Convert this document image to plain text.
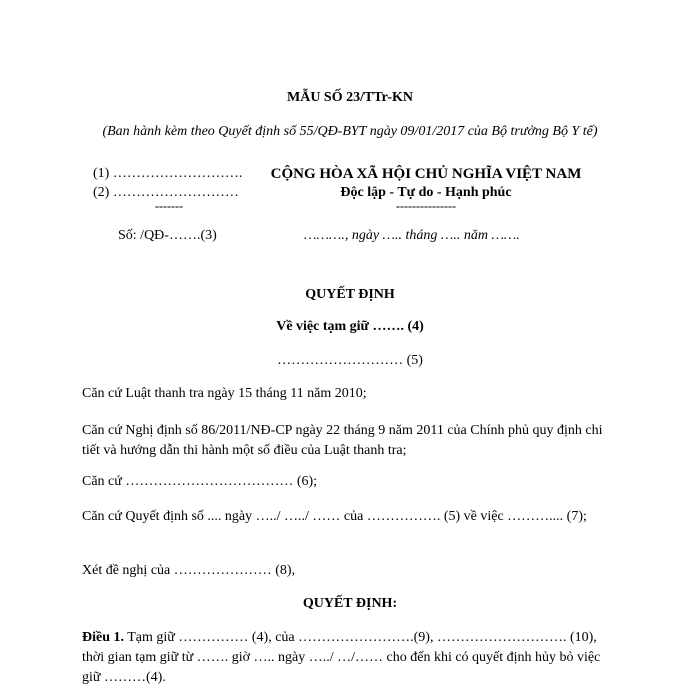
MẪU SỐ 23/TTr-KN
(Ban hành kèm theo Quyết định số 55/QĐ-BYT ngày 09/01/2017 của Bộ trưởng Bộ Y tế)
(1) ……………………….
(2) ………………………
-------
Số: /QĐ-…….(3)
CỘNG HÒA XÃ HỘI CHỦ NGHĨA VIỆT NAM
Độc lập - Tự do - Hạnh phúc
---------------
………., ngày ….. tháng ….. năm …….
QUYẾT ĐỊNH
Về việc tạm giữ ……. (4)
……………………… (5)
Căn cứ Luật thanh tra ngày 15 tháng 11 năm 2010;
Căn cứ Nghị định số 86/2011/NĐ-CP ngày 22 tháng 9 năm 2011 của Chính phủ quy định chi tiết và hướng dẫn thi hành một số điều của Luật thanh tra;
Căn cứ ……………………………… (6);
Căn cứ Quyết định số .... ngày …../ …../ …… của ……………. (5) về việc ……….... (7);
Xét đề nghị của ………………… (8),
QUYẾT ĐỊNH:
Điều 1. Tạm giữ …………… (4), của …………………….(9), ………………………. (10), thời gian tạm giữ từ ……. giờ ….. ngày …../ …/…… cho đến khi có quyết định hủy bỏ việc giữ ………(4).
